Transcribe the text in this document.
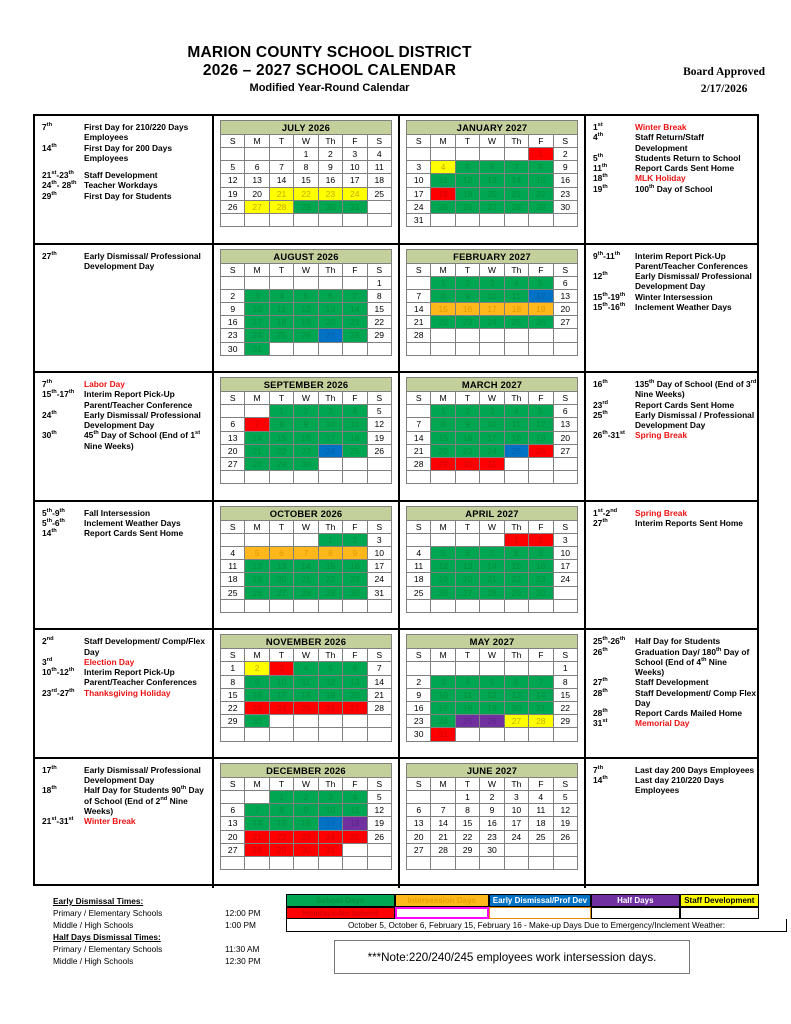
MARION COUNTY SCHOOL DISTRICT
2026 – 2027 SCHOOL CALENDAR
Modified Year-Round Calendar
Board Approved
2/17/2026
7th	First Day for 210/220 Days Employees
14th	First Day for 200 Days Employees
21st-23th	Staff Development
24th- 28th Teacher Workdays
29th	First Day for Students
JULY 2026						
S	M	T	W	Th	F	S
			1	2	3	4
5	6	7	8	9	10	11
12	13	14	15	16	17	18
19	20	21	22	23	24	25
26	27	28	29	30	31	

JANUARY 2027						
S	M	T	W	Th	F	S
					1	2
3	4	5	6	7	8	9
10	11	12	13	14	15	16
17	18	19	20	21	22	23
24	25	26	27	28	29	30
31						
1st	Winter Break
4th	Staff Return/Staff Development
5th	Students Return to School
11th	Report Cards Sent Home
18th	MLK Holiday
19th	100th Day of School
27th	Early Dismissal/ Professional Development Day
AUGUST 2026						
S	M	T	W	Th	F	S
						1
2	3	4	5	6	7	8
9	10	11	12	13	14	15
16	17	18	19	20	21	22
23	24	25	26	27	28	29
30	31					
FEBRUARY 2027						
S	M	T	W	Th	F	S
	1	2	3	4	5	6
7	8	9	10	11	12	13
14	15	16	17	18	19	20
21	22	23	24	25	26	27
28						

9th-11th	Interim Report Pick-Up Parent/Teacher Conferences
12th	Early Dismissal/ Professional Development Day
15th-19th	Winter Intersession
15th-16th	Inclement Weather Days
7th	Labor Day
15th-17th	Interim Report Pick-Up Parent/Teacher Conference
24th	Early Dismissal/ Professional Development Day
30th	45th Day of School (End of 1st Nine Weeks)
SEPTEMBER 2026						
S	M	T	W	Th	F	S
		1	2	3	4	5
6	7	8	9	10	11	12
13	14	15	16	17	18	19
20	21	22	23	24	25	26
27	28	29	30			

MARCH 2027						
S	M	T	W	Th	F	S
	1	2	3	4	5	6
7	8	9	10	11	12	13
14	15	16	17	18	19	20
21	22	23	24	25	26	27
28	29	30	31			

16th	135th Day of School (End of 3rd Nine Weeks)
23rd	Report Cards Sent Home
25th	Early Dismissal / Professional Development Day
26th-31st	Spring Break
5th-9th	Fall Intersession
5th-6th	Inclement Weather Days
14th	Report Cards Sent Home
OCTOBER 2026						
S	M	T	W	Th	F	S
				1	2	3
4	5	6	7	8	9	10
11	12	13	14	15	16	17
18	19	20	21	22	23	24
25	26	27	28	29	30	31

APRIL 2027						
S	M	T	W	Th	F	S
				1	2	3
4	5	6	7	8	9	10
11	12	13	14	15	16	17
18	19	20	21	22	23	24
25	26	27	28	29	30	

1st-2nd	Spring Break
27th	Interim Reports Sent Home
2nd	Staff Development/ Comp/Flex Day
3rd	Election Day
10th-12th	Interim Report Pick-Up Parent/Teacher Conferences
23rd-27th	Thanksgiving Holiday
NOVEMBER 2026						
S	M	T	W	Th	F	S
1	2	3	4	5	6	7
8	9	10	11	12	13	14
15	16	17	18	19	20	21
22	23	24	25	26	27	28
29	30					

MAY 2027						
S	M	T	W	Th	F	S
						1
2	3	4	5	6	7	8
9	10	11	12	13	14	15
16	17	18	19	20	21	22
23	24	25	26	27	28	29
30	31					
25th-26th	Half Day for Students
26th	Graduation Day/ 180th Day of School (End of 4th Nine Weeks)
27th	Staff Development
28th	Staff Development/ Comp Flex Day
28th	Report Cards Mailed Home
31st	Memorial Day
17th	Early Dismissal/ Professional Development Day
18th	Half Day for Students 90th Day of School (End of 2nd Nine Weeks)
21st-31st	Winter Break
DECEMBER 2026						
S	M	T	W	Th	F	S
		1	2	3	4	5
6	7	8	9	10	11	12
13	14	15	16	17	18	19
20	21	22	23	24	25	26
27	28	29	30	31		

JUNE 2027						
S	M	T	W	Th	F	S
		1	2	3	4	5
6	7	8	9	10	11	12
13	14	15	16	17	18	19
20	21	22	23	24	25	26
27	28	29	30			

7th	Last day 200 Days Employees
14th	Last day 210/220 Days Employees
Early Dismissal Times:
Primary / Elementary Schools	12:00 PM
Middle / High Schools	1:00 PM
Half Days Dismissal Times:
Primary / Elementary Schools	11:30 AM
Middle / High Schools	12:30 PM
School Days	Intersession Days	Early Dismissal/Prof Dev	Half Days	Staff Development
Holidays-No School
October 5, October 6, February 15, February 16 - Make-up Days Due to Emergency/Inclement Weather:
***Note:220/240/245 employees work intersession days.
